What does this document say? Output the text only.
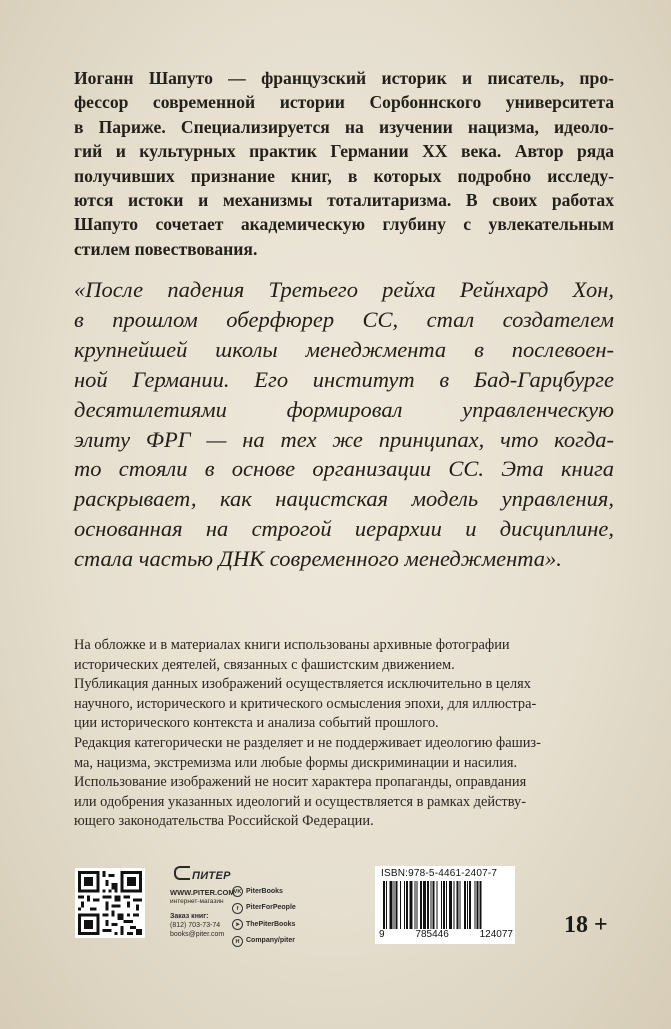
Иоганн Шапуто — французский историк и писатель, про-
фессор современной истории Сорбоннского университета
в Париже. Специализируется на изучении нацизма, идеоло-
гий и культурных практик Германии XX века. Автор ряда
получивших признание книг, в которых подробно исследу-
ются истоки и механизмы тоталитаризма. В своих работах
Шапуто сочетает академическую глубину с увлекательным
стилем повествования.
«После падения Третьего рейха Рейнхард Хон,
в прошлом оберфюрер СС, стал создателем
крупнейшей школы менеджмента в послевоен-
ной Германии. Его институт в Бад-Гарцбурге
десятилетиями формировал управленческую
элиту ФРГ — на тех же принципах, что когда-
то стояли в основе организации СС. Эта книга
раскрывает, как нацистская модель управления,
основанная на строгой иерархии и дисциплине,
стала частью ДНК современного менеджмента».
На обложке и в материалах книги использованы архивные фотографии
исторических деятелей, связанных с фашистским движением.
Публикация данных изображений осуществляется исключительно в целях
научного, исторического и критического осмысления эпохи, для иллюстра-
ции исторического контекста и анализа событий прошлого.
Редакция категорически не разделяет и не поддерживает идеологию фашиз-
ма, нацизма, экстремизма или любые формы дискриминации и насилия.
Использование изображений не носит характера пропаганды, оправдания
или одобрения указанных идеологий и осуществляется в рамках действу-
ющего законодательства Российской Федерации.
ПИТЕР
WWW.PITER.COM
интернет-магазин
Заказ книг:
(812) 703-73-74
books@piter.com
VK PiterBooks
f	PiterForPeople
➤ ThePiterBooks
H Company/piter
ISBN:978-5-4461-2407-7
9	785446	124077 18 +
